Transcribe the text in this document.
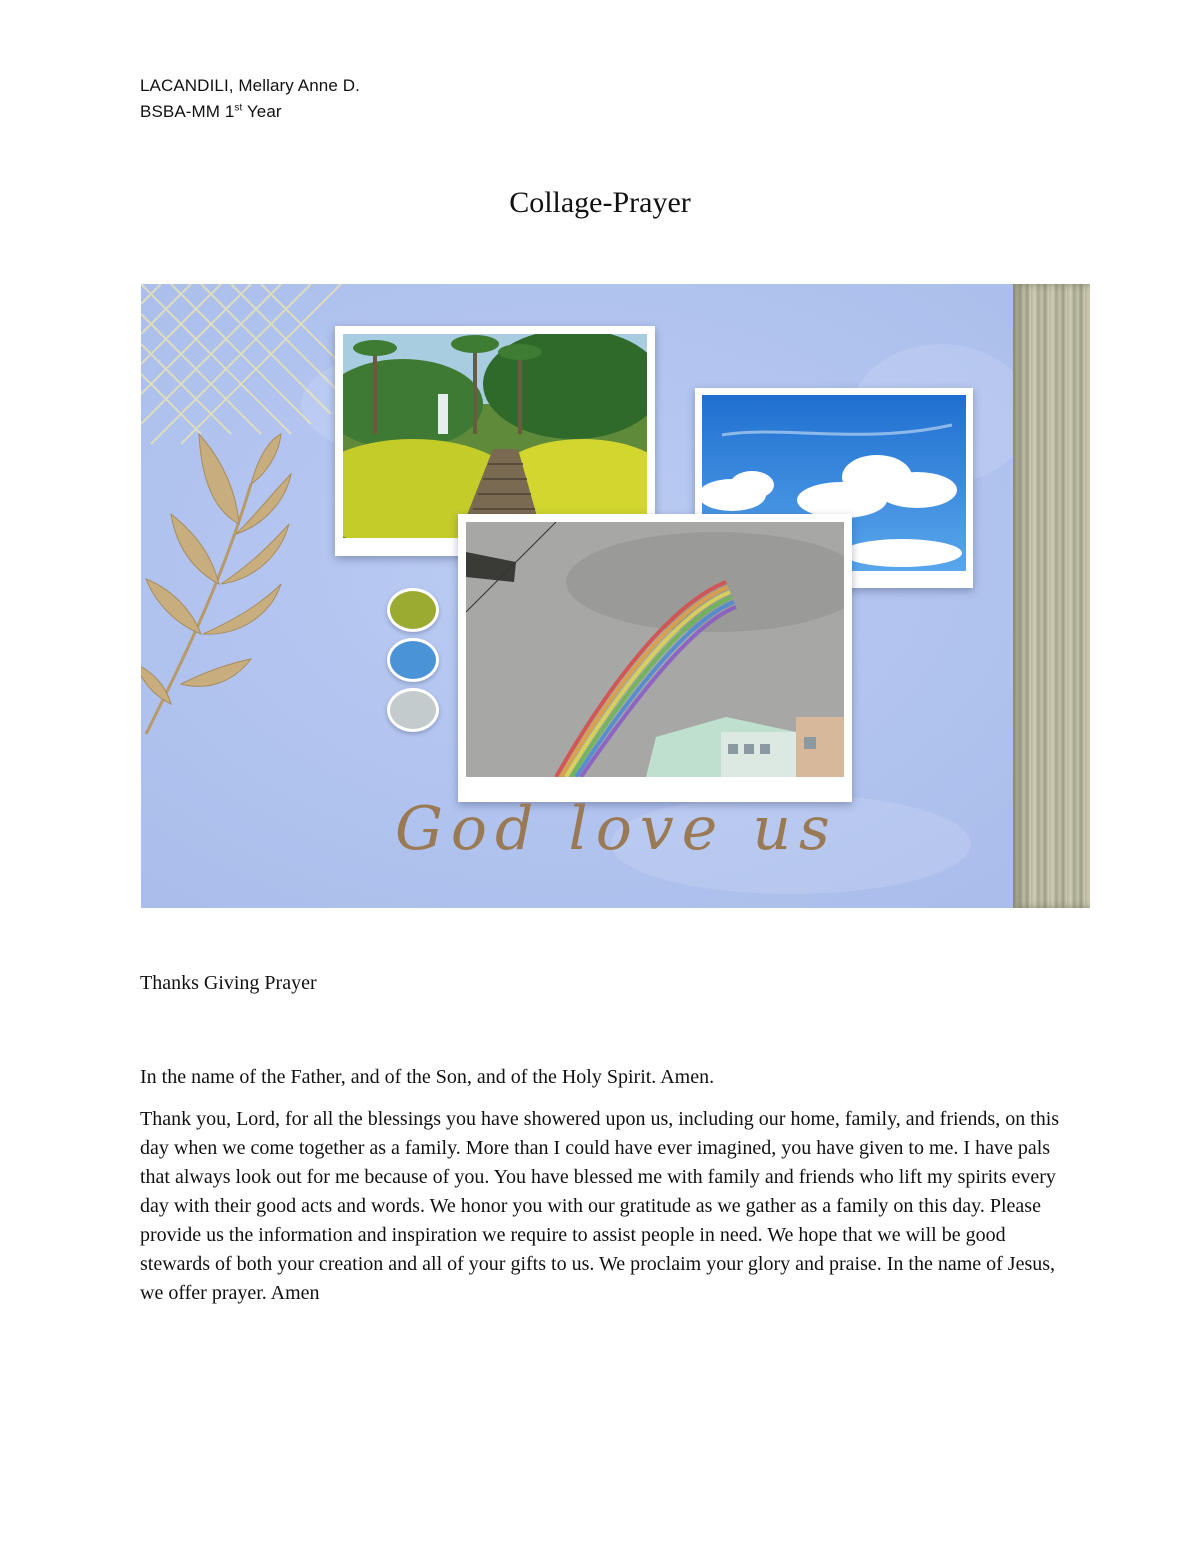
LACANDILI, Mellary Anne D.
BSBA-MM 1st Year
Collage-Prayer
God love us
Thanks Giving Prayer

In the name of the Father, and of the Son, and of the Holy Spirit. Amen.

Thank you, Lord, for all the blessings you have showered upon us, including our home, family, and friends, on this day when we come together as a family. More than I could have ever imagined, you have given to me. I have pals that always look out for me because of you. You have blessed me with family and friends who lift my spirits every day with their good acts and words. We honor you with our gratitude as we gather as a family on this day. Please provide us the information and inspiration we require to assist people in need. We hope that we will be good stewards of both your creation and all of your gifts to us. We proclaim your glory and praise. In the name of Jesus, we offer prayer. Amen
